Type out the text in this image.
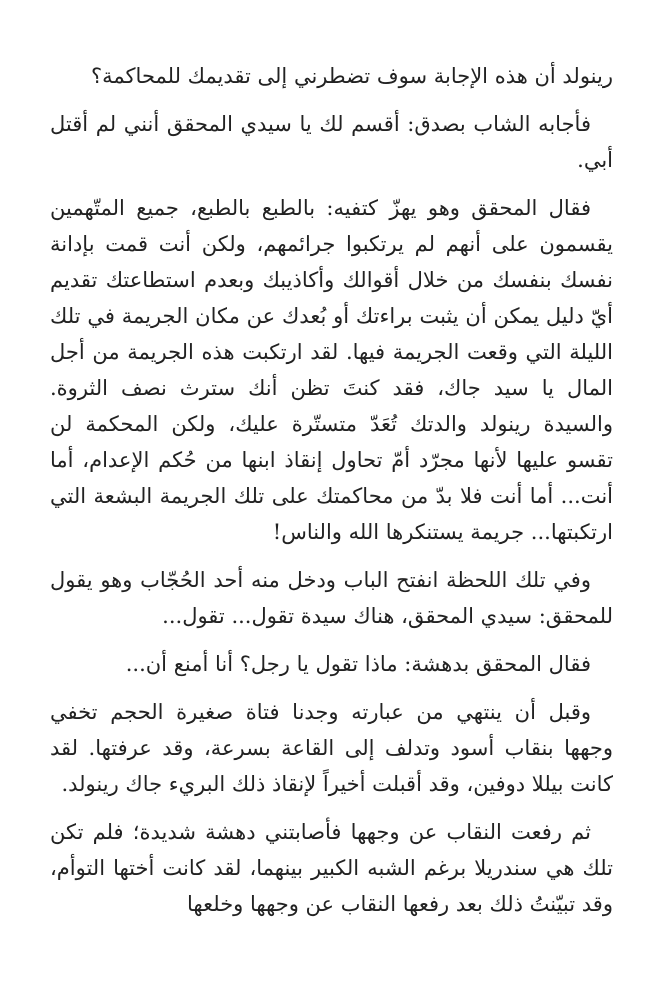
رينولد أن هذه الإجابة سوف تضطرني إلى تقديمك للمحاكمة؟

فأجابه الشاب بصدق: أقسم لك يا سيدي المحقق أنني لم أقتل أبي.

فقال المحقق وهو يهزّ كتفيه: بالطبع بالطبع، جميع المتّهمين يقسمون على أنهم لم يرتكبوا جرائمهم، ولكن أنت قمت بإدانة نفسك بنفسك من خلال أقوالك وأكاذيبك وبعدم استطاعتك تقديم أيّ دليل يمكن أن يثبت براءتك أو بُعدك عن مكان الجريمة في تلك الليلة التي وقعت الجريمة فيها. لقد ارتكبت هذه الجريمة من أجل المال يا سيد جاك، فقد كنتَ تظن أنك سترث نصف الثروة. والسيدة رينولد والدتك تُعَدّ متستّرة عليك، ولكن المحكمة لن تقسو عليها لأنها مجرّد أمّ تحاول إنقاذ ابنها من حُكم الإعدام، أما أنت... أما أنت فلا بدّ من محاكمتك على تلك الجريمة البشعة التي ارتكبتها... جريمة يستنكرها الله والناس!

وفي تلك اللحظة انفتح الباب ودخل منه أحد الحُجّاب وهو يقول للمحقق: سيدي المحقق، هناك سيدة تقول... تقول...

فقال المحقق بدهشة: ماذا تقول يا رجل؟ أنا أمنع أن...

وقبل أن ينتهي من عبارته وجدنا فتاة صغيرة الحجم تخفي وجهها بنقاب أسود وتدلف إلى القاعة بسرعة، وقد عرفتها. لقد كانت بيللا دوفين، وقد أقبلت أخيراً لإنقاذ ذلك البريء جاك رينولد.

ثم رفعت النقاب عن وجهها فأصابتني دهشة شديدة؛ فلم تكن تلك هي سندريلا برغم الشبه الكبير بينهما، لقد كانت أختها التوأم، وقد تبيّنتُ ذلك بعد رفعها النقاب عن وجهها وخلعها
